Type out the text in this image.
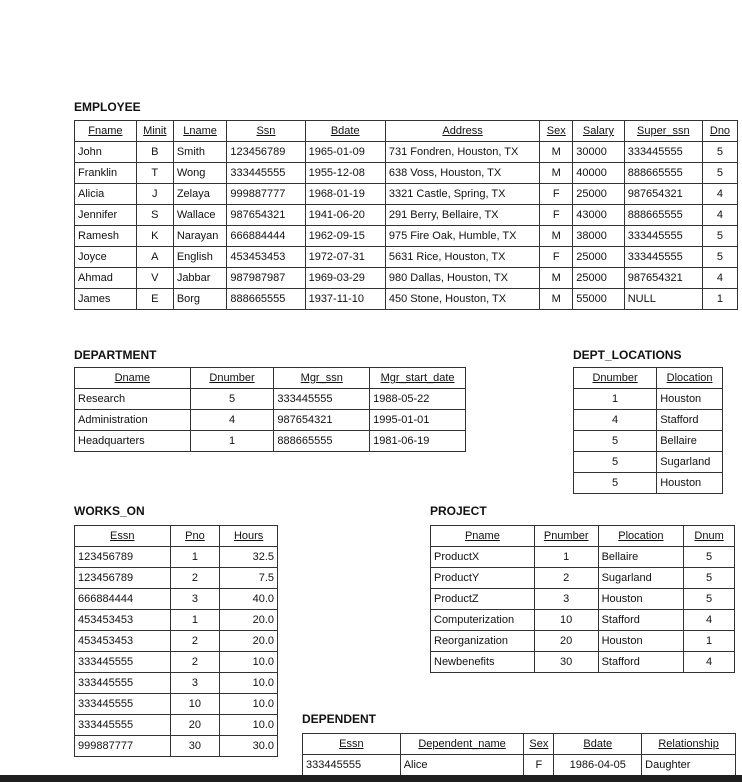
EMPLOYEE
Fname	Minit	Lname	Ssn	Bdate	Address	Sex	Salary	Super_ssn	Dno
John	B	Smith	123456789	1965-01-09	731 Fondren, Houston, TX	M	30000	333445555	5
Franklin	T	Wong	333445555	1955-12-08	638 Voss, Houston, TX	M	40000	888665555	5
Alicia	J	Zelaya	999887777	1968-01-19	3321 Castle, Spring, TX	F	25000	987654321	4
Jennifer	S	Wallace	987654321	1941-06-20	291 Berry, Bellaire, TX	F	43000	888665555	4
Ramesh	K	Narayan	666884444	1962-09-15	975 Fire Oak, Humble, TX	M	38000	333445555	5
Joyce	A	English	453453453	1972-07-31	5631 Rice, Houston, TX	F	25000	333445555	5
Ahmad	V	Jabbar	987987987	1969-03-29	980 Dallas, Houston, TX	M	25000	987654321	4
James	E	Borg	888665555	1937-11-10	450 Stone, Houston, TX	M	55000	NULL	1
DEPARTMENT
Dname	Dnumber	Mgr_ssn	Mgr_start_date
Research	5	333445555	1988-05-22
Administration	4	987654321	1995-01-01
Headquarters	1	888665555	1981-06-19
DEPT_LOCATIONS
Dnumber	Dlocation
1	Houston
4	Stafford
5	Bellaire
5	Sugarland
5	Houston
WORKS_ON
Essn	Pno	Hours
123456789	1	32.5
123456789	2	7.5
666884444	3	40.0
453453453	1	20.0
453453453	2	20.0
333445555	2	10.0
333445555	3	10.0
333445555	10	10.0
333445555	20	10.0
999887777	30	30.0
PROJECT
Pname	Pnumber	Plocation	Dnum
ProductX	1	Bellaire	5
ProductY	2	Sugarland	5
ProductZ	3	Houston	5
Computerization	10	Stafford	4
Reorganization	20	Houston	1
Newbenefits	30	Stafford	4
DEPENDENT
Essn	Dependent_name	Sex	Bdate	Relationship
333445555	Alice	F	1986-04-05	Daughter
